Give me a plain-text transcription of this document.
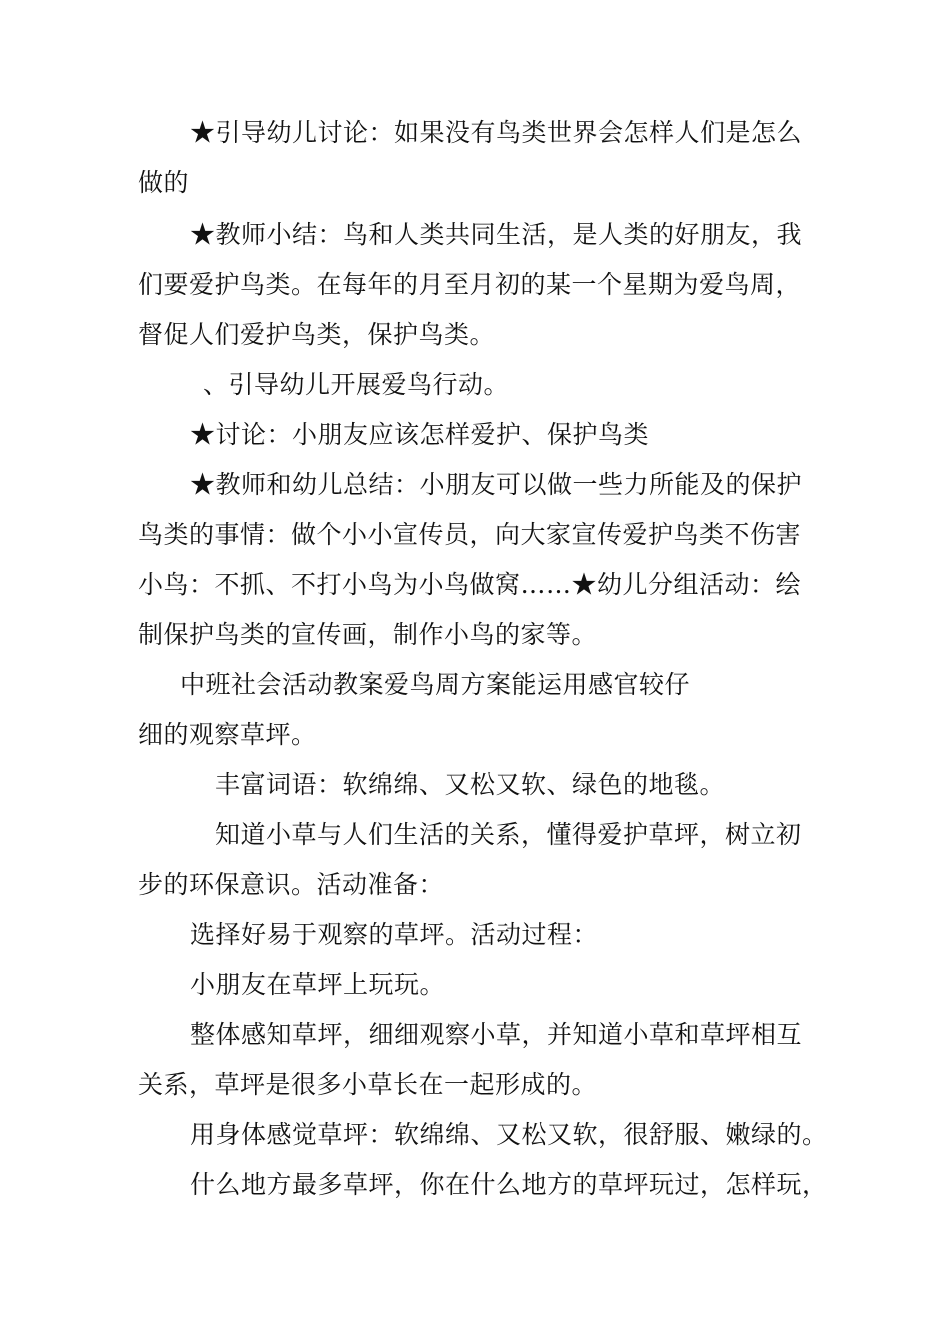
★引导幼儿讨论：如果没有鸟类世界会怎样人们是怎么
做的
★教师小结：鸟和人类共同生活，是人类的好朋友，我
们要爱护鸟类。在每年的月至月初的某一个星期为爱鸟周，
督促人们爱护鸟类，保护鸟类。
、引导幼儿开展爱鸟行动。
★讨论：小朋友应该怎样爱护、保护鸟类
★教师和幼儿总结：小朋友可以做一些力所能及的保护
鸟类的事情：做个小小宣传员，向大家宣传爱护鸟类不伤害
小鸟：不抓、不打小鸟为小鸟做窝……★幼儿分组活动：绘
制保护鸟类的宣传画，制作小鸟的家等。
中班社会活动教案爱鸟周方案能运用感官较仔
细的观察草坪。
丰富词语：软绵绵、又松又软、绿色的地毯。
知道小草与人们生活的关系，懂得爱护草坪，树立初
步的环保意识。活动准备：
选择好易于观察的草坪。活动过程：
小朋友在草坪上玩玩。
整体感知草坪，细细观察小草，并知道小草和草坪相互
关系，草坪是很多小草长在一起形成的。
用身体感觉草坪：软绵绵、又松又软，很舒服、嫩绿的。
什么地方最多草坪，你在什么地方的草坪玩过，怎样玩，
